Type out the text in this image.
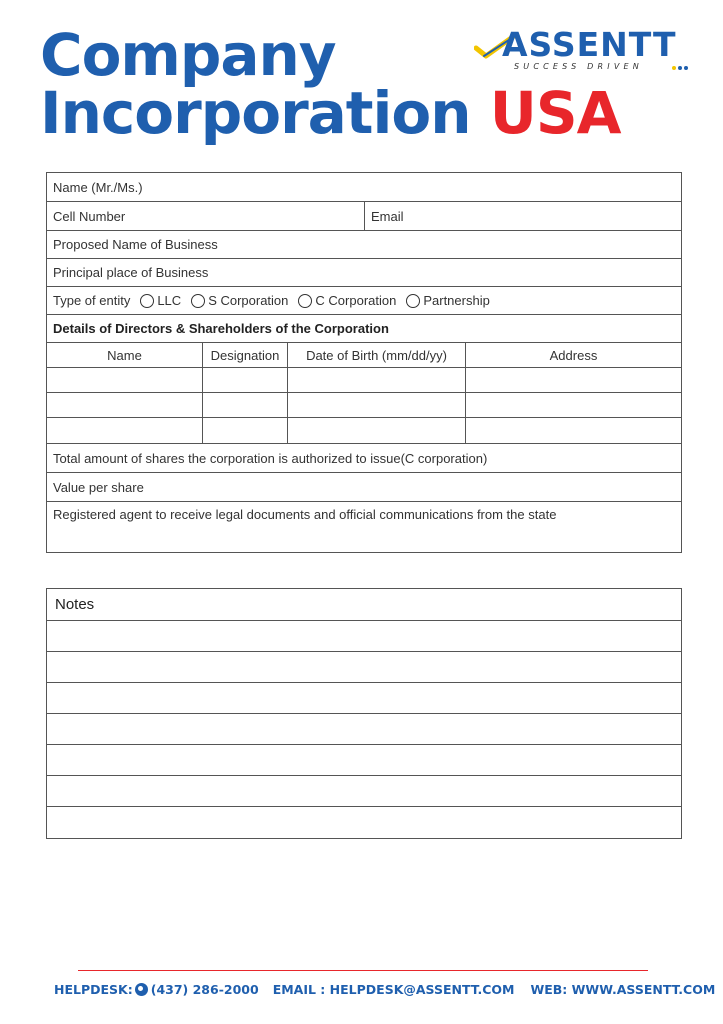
Company
Incorporation USA
ASSENTT
SUCCESS DRIVEN
Name (Mr./Ms.)
Cell Number	Email
Proposed Name of Business
Principal place of Business
Type of entity LLC S Corporation C Corporation Partnership
Details of Directors & Shareholders of the Corporation
Name	Designation	Date of Birth (mm/dd/yy)	Address
Total amount of shares the corporation is authorized to issue(C corporation)
Value per share
Registered agent to receive legal documents and official communications from the state
Notes
HELPDESK: (437) 286-2000 EMAIL : HELPDESK@ASSENTT.COM WEB: WWW.ASSENTT.COM
